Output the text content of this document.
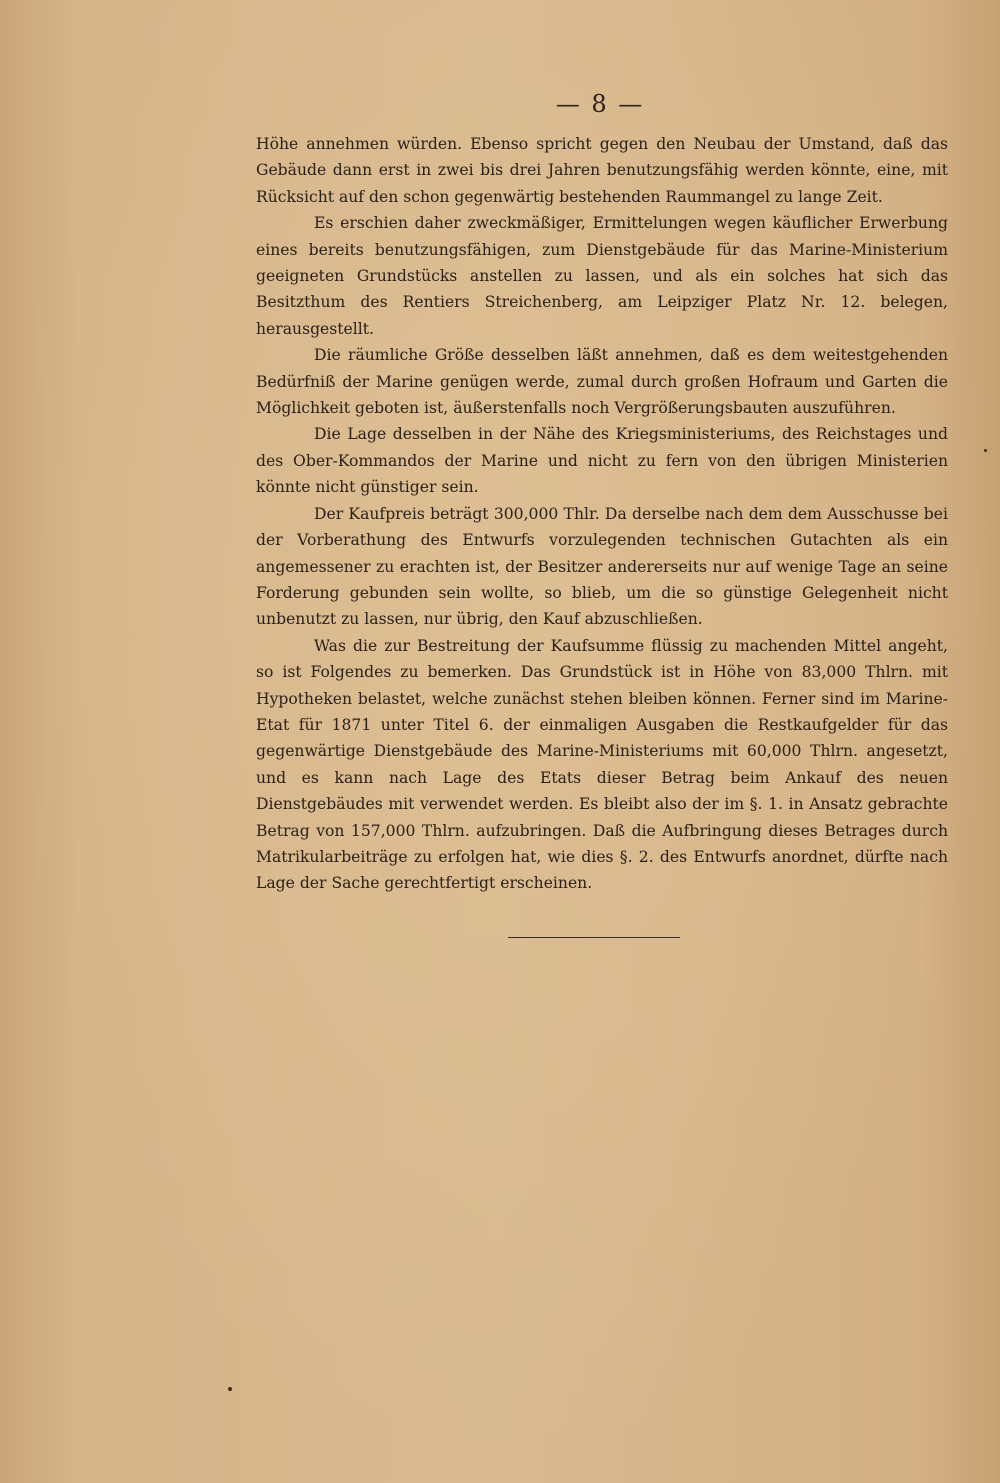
— 8 —

Höhe annehmen würden. Ebenso spricht gegen den Neubau der Umstand, daß das Gebäude dann erst in zwei bis drei Jahren benutzungsfähig werden könnte, eine, mit Rücksicht auf den schon gegenwärtig bestehenden Raummangel zu lange Zeit.

Es erschien daher zweckmäßiger, Ermittelungen wegen käuflicher Erwerbung eines bereits benutzungsfähigen, zum Dienstgebäude für das Marine-Ministerium geeigneten Grundstücks anstellen zu lassen, und als ein solches hat sich das Besitzthum des Rentiers Streichenberg, am Leipziger Platz Nr. 12. belegen, herausgestellt.

Die räumliche Größe desselben läßt annehmen, daß es dem weitestgehenden Bedürfniß der Marine genügen werde, zumal durch großen Hofraum und Garten die Möglichkeit geboten ist, äußerstenfalls noch Vergrößerungsbauten auszuführen.

Die Lage desselben in der Nähe des Kriegsministeriums, des Reichstages und des Ober-Kommandos der Marine und nicht zu fern von den übrigen Ministerien könnte nicht günstiger sein.

Der Kaufpreis beträgt 300,000 Thlr. Da derselbe nach dem dem Ausschusse bei der Vorberathung des Entwurfs vorzulegenden technischen Gutachten als ein angemessener zu erachten ist, der Besitzer andererseits nur auf wenige Tage an seine Forderung gebunden sein wollte, so blieb, um die so günstige Gelegenheit nicht unbenutzt zu lassen, nur übrig, den Kauf abzuschließen.

Was die zur Bestreitung der Kaufsumme flüssig zu machenden Mittel angeht, so ist Folgendes zu bemerken. Das Grundstück ist in Höhe von 83,000 Thlrn. mit Hypotheken belastet, welche zunächst stehen bleiben können. Ferner sind im Marine-Etat für 1871 unter Titel 6. der einmaligen Ausgaben die Restkaufgelder für das gegenwärtige Dienstgebäude des Marine-Ministeriums mit 60,000 Thlrn. angesetzt, und es kann nach Lage des Etats dieser Betrag beim Ankauf des neuen Dienstgebäudes mit verwendet werden. Es bleibt also der im §. 1. in Ansatz gebrachte Betrag von 157,000 Thlrn. aufzubringen. Daß die Aufbringung dieses Betrages durch Matrikularbeiträge zu erfolgen hat, wie dies §. 2. des Entwurfs anordnet, dürfte nach Lage der Sache gerechtfertigt erscheinen.
